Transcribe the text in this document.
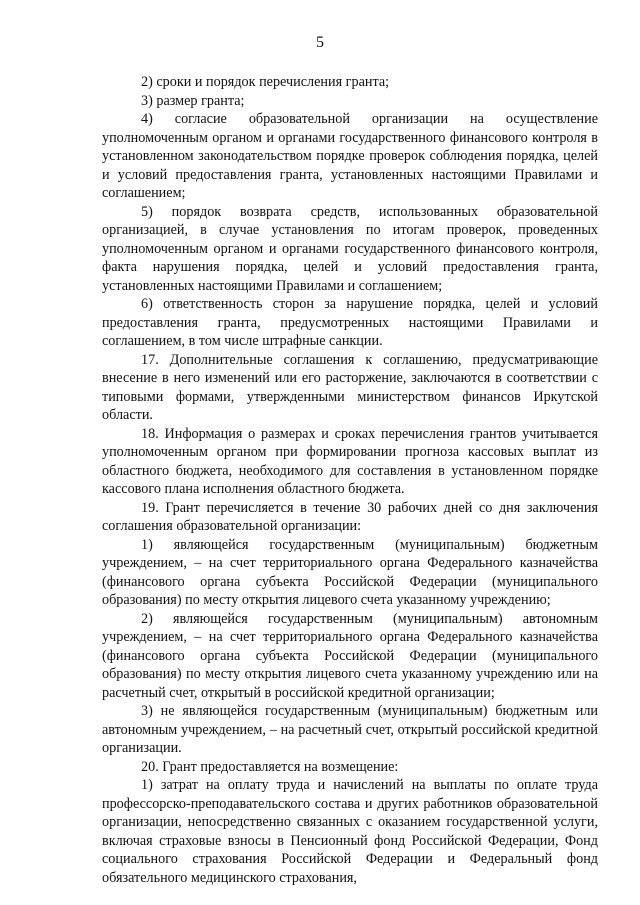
5

2) сроки и порядок перечисления гранта;

3) размер гранта;

4) согласие образовательной организации на осуществление уполномоченным органом и органами государственного финансового контроля в установленном законодательством порядке проверок соблюдения порядка, целей и условий предоставления гранта, установленных настоящими Правилами и соглашением;

5) порядок возврата средств, использованных образовательной организацией, в случае установления по итогам проверок, проведенных уполномоченным органом и органами государственного финансового контроля, факта нарушения порядка, целей и условий предоставления гранта, установленных настоящими Правилами и соглашением;

6) ответственность сторон за нарушение порядка, целей и условий предоставления гранта, предусмотренных настоящими Правилами и соглашением, в том числе штрафные санкции.

17. Дополнительные соглашения к соглашению, предусматривающие внесение в него изменений или его расторжение, заключаются в соответствии с типовыми формами, утвержденными министерством финансов Иркутской области.

18. Информация о размерах и сроках перечисления грантов учитывается уполномоченным органом при формировании прогноза кассовых выплат из областного бюджета, необходимого для составления в установленном порядке кассового плана исполнения областного бюджета.

19. Грант перечисляется в течение 30 рабочих дней со дня заключения соглашения образовательной организации:

1) являющейся государственным (муниципальным) бюджетным учреждением, – на счет территориального органа Федерального казначейства (финансового органа субъекта Российской Федерации (муниципального образования) по месту открытия лицевого счета указанному учреждению;

2) являющейся государственным (муниципальным) автономным учреждением, – на счет территориального органа Федерального казначейства (финансового органа субъекта Российской Федерации (муниципального образования) по месту открытия лицевого счета указанному учреждению или на расчетный счет, открытый в российской кредитной организации;

3) не являющейся государственным (муниципальным) бюджетным или автономным учреждением, – на расчетный счет, открытый российской кредитной организации.

20. Грант предоставляется на возмещение:

1) затрат на оплату труда и начислений на выплаты по оплате труда профессорско-преподавательского состава и других работников образовательной организации, непосредственно связанных с оказанием государственной услуги, включая страховые взносы в Пенсионный фонд Российской Федерации, Фонд социального страхования Российской Федерации и Федеральный фонд обязательного медицинского страхования,
